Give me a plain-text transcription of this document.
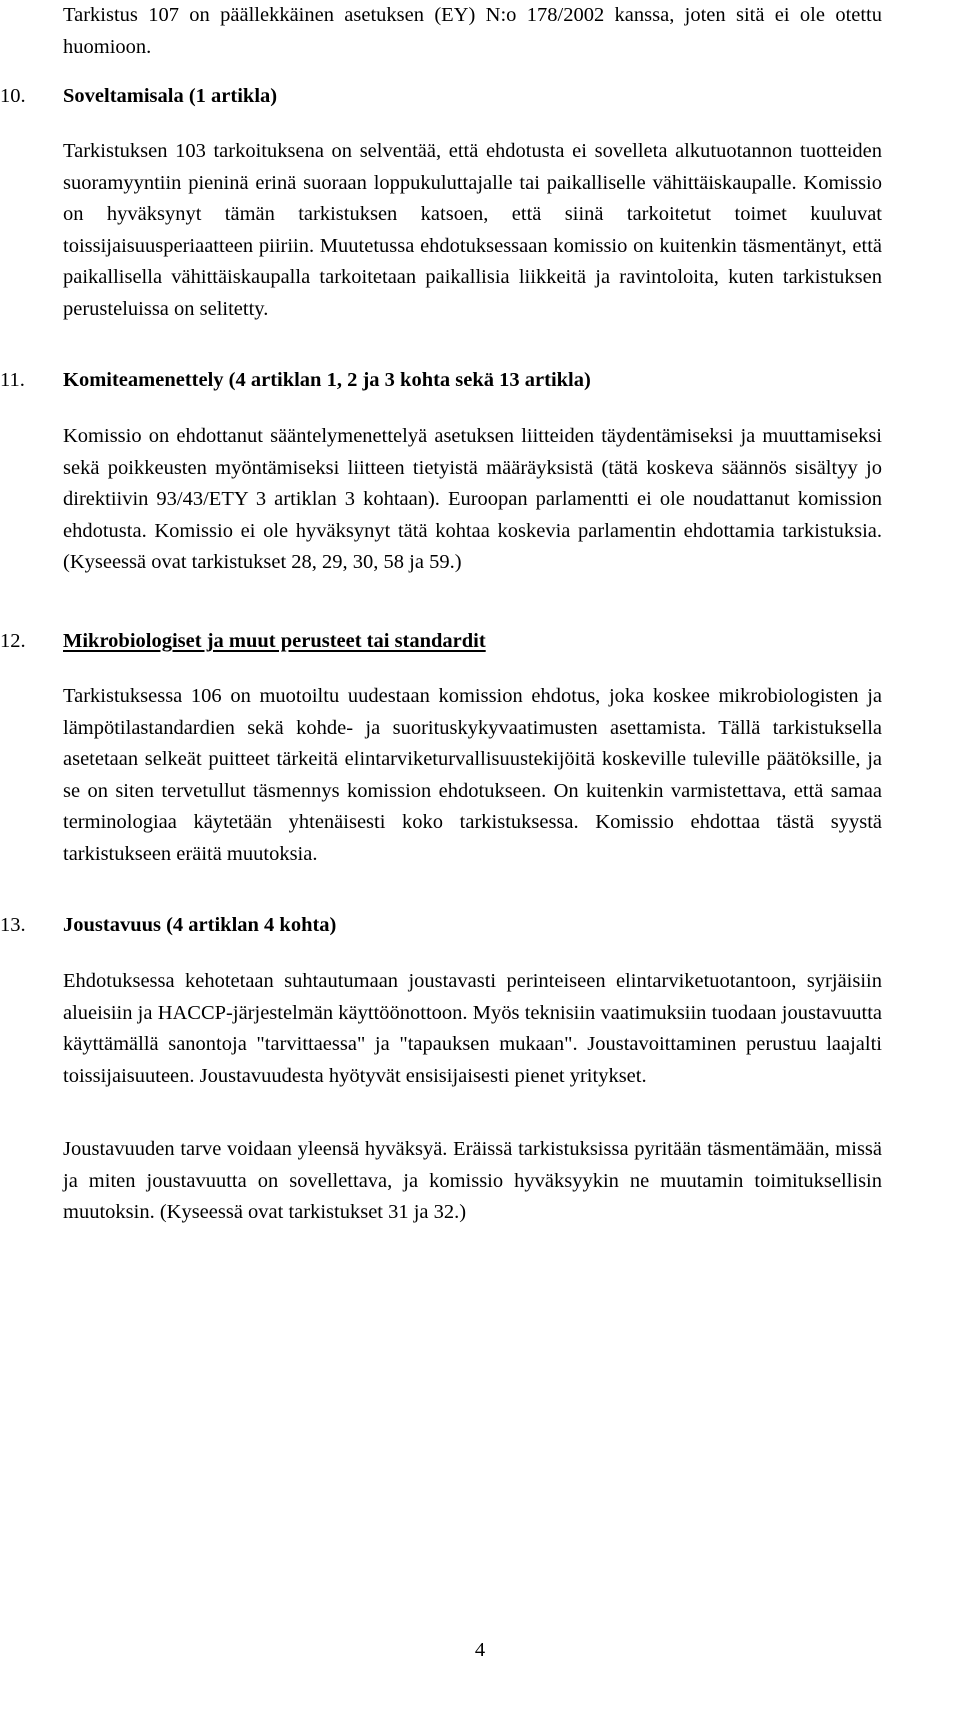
Tarkistus 107 on päällekkäinen asetuksen (EY) N:o 178/2002 kanssa, joten sitä ei ole otettu huomioon.

10.	Soveltamisala (1 artikla)

Tarkistuksen 103 tarkoituksena on selventää, että ehdotusta ei sovelleta alkutuotannon tuotteiden suoramyyntiin pieninä erinä suoraan loppukuluttajalle tai paikalliselle vähittäiskaupalle. Komissio on hyväksynyt tämän tarkistuksen katsoen, että siinä tarkoitetut toimet kuuluvat toissijaisuusperiaatteen piiriin. Muutetussa ehdotuksessaan komissio on kuitenkin täsmentänyt, että paikallisella vähittäiskaupalla tarkoitetaan paikallisia liikkeitä ja ravintoloita, kuten tarkistuksen perusteluissa on selitetty.

11.	Komiteamenettely (4 artiklan 1, 2 ja 3 kohta sekä 13 artikla)

Komissio on ehdottanut sääntelymenettelyä asetuksen liitteiden täydentämiseksi ja muuttamiseksi sekä poikkeusten myöntämiseksi liitteen tietyistä määräyksistä (tätä koskeva säännös sisältyy jo direktiivin 93/43/ETY 3 artiklan 3 kohtaan). Euroopan parlamentti ei ole noudattanut komission ehdotusta. Komissio ei ole hyväksynyt tätä kohtaa koskevia parlamentin ehdottamia tarkistuksia. (Kyseessä ovat tarkistukset 28, 29, 30, 58 ja 59.)

12.	Mikrobiologiset ja muut perusteet tai standardit

Tarkistuksessa 106 on muotoiltu uudestaan komission ehdotus, joka koskee mikrobiologisten ja lämpötilastandardien sekä kohde- ja suorituskykyvaatimusten asettamista. Tällä tarkistuksella asetetaan selkeät puitteet tärkeitä elintarviketurvallisuustekijöitä koskeville tuleville päätöksille, ja se on siten tervetullut täsmennys komission ehdotukseen. On kuitenkin varmistettava, että samaa terminologiaa käytetään yhtenäisesti koko tarkistuksessa. Komissio ehdottaa tästä syystä tarkistukseen eräitä muutoksia.

13.	Joustavuus (4 artiklan 4 kohta)

Ehdotuksessa kehotetaan suhtautumaan joustavasti perinteiseen elintarviketuotantoon, syrjäisiin alueisiin ja HACCP-järjestelmän käyttöönottoon. Myös teknisiin vaatimuksiin tuodaan joustavuutta käyttämällä sanontoja "tarvittaessa" ja "tapauksen mukaan". Joustavoittaminen perustuu laajalti toissijaisuuteen. Joustavuudesta hyötyvät ensisijaisesti pienet yritykset.

Joustavuuden tarve voidaan yleensä hyväksyä. Eräissä tarkistuksissa pyritään täsmentämään, missä ja miten joustavuutta on sovellettava, ja komissio hyväksyykin ne muutamin toimituksellisin muutoksin. (Kyseessä ovat tarkistukset 31 ja 32.)

4
